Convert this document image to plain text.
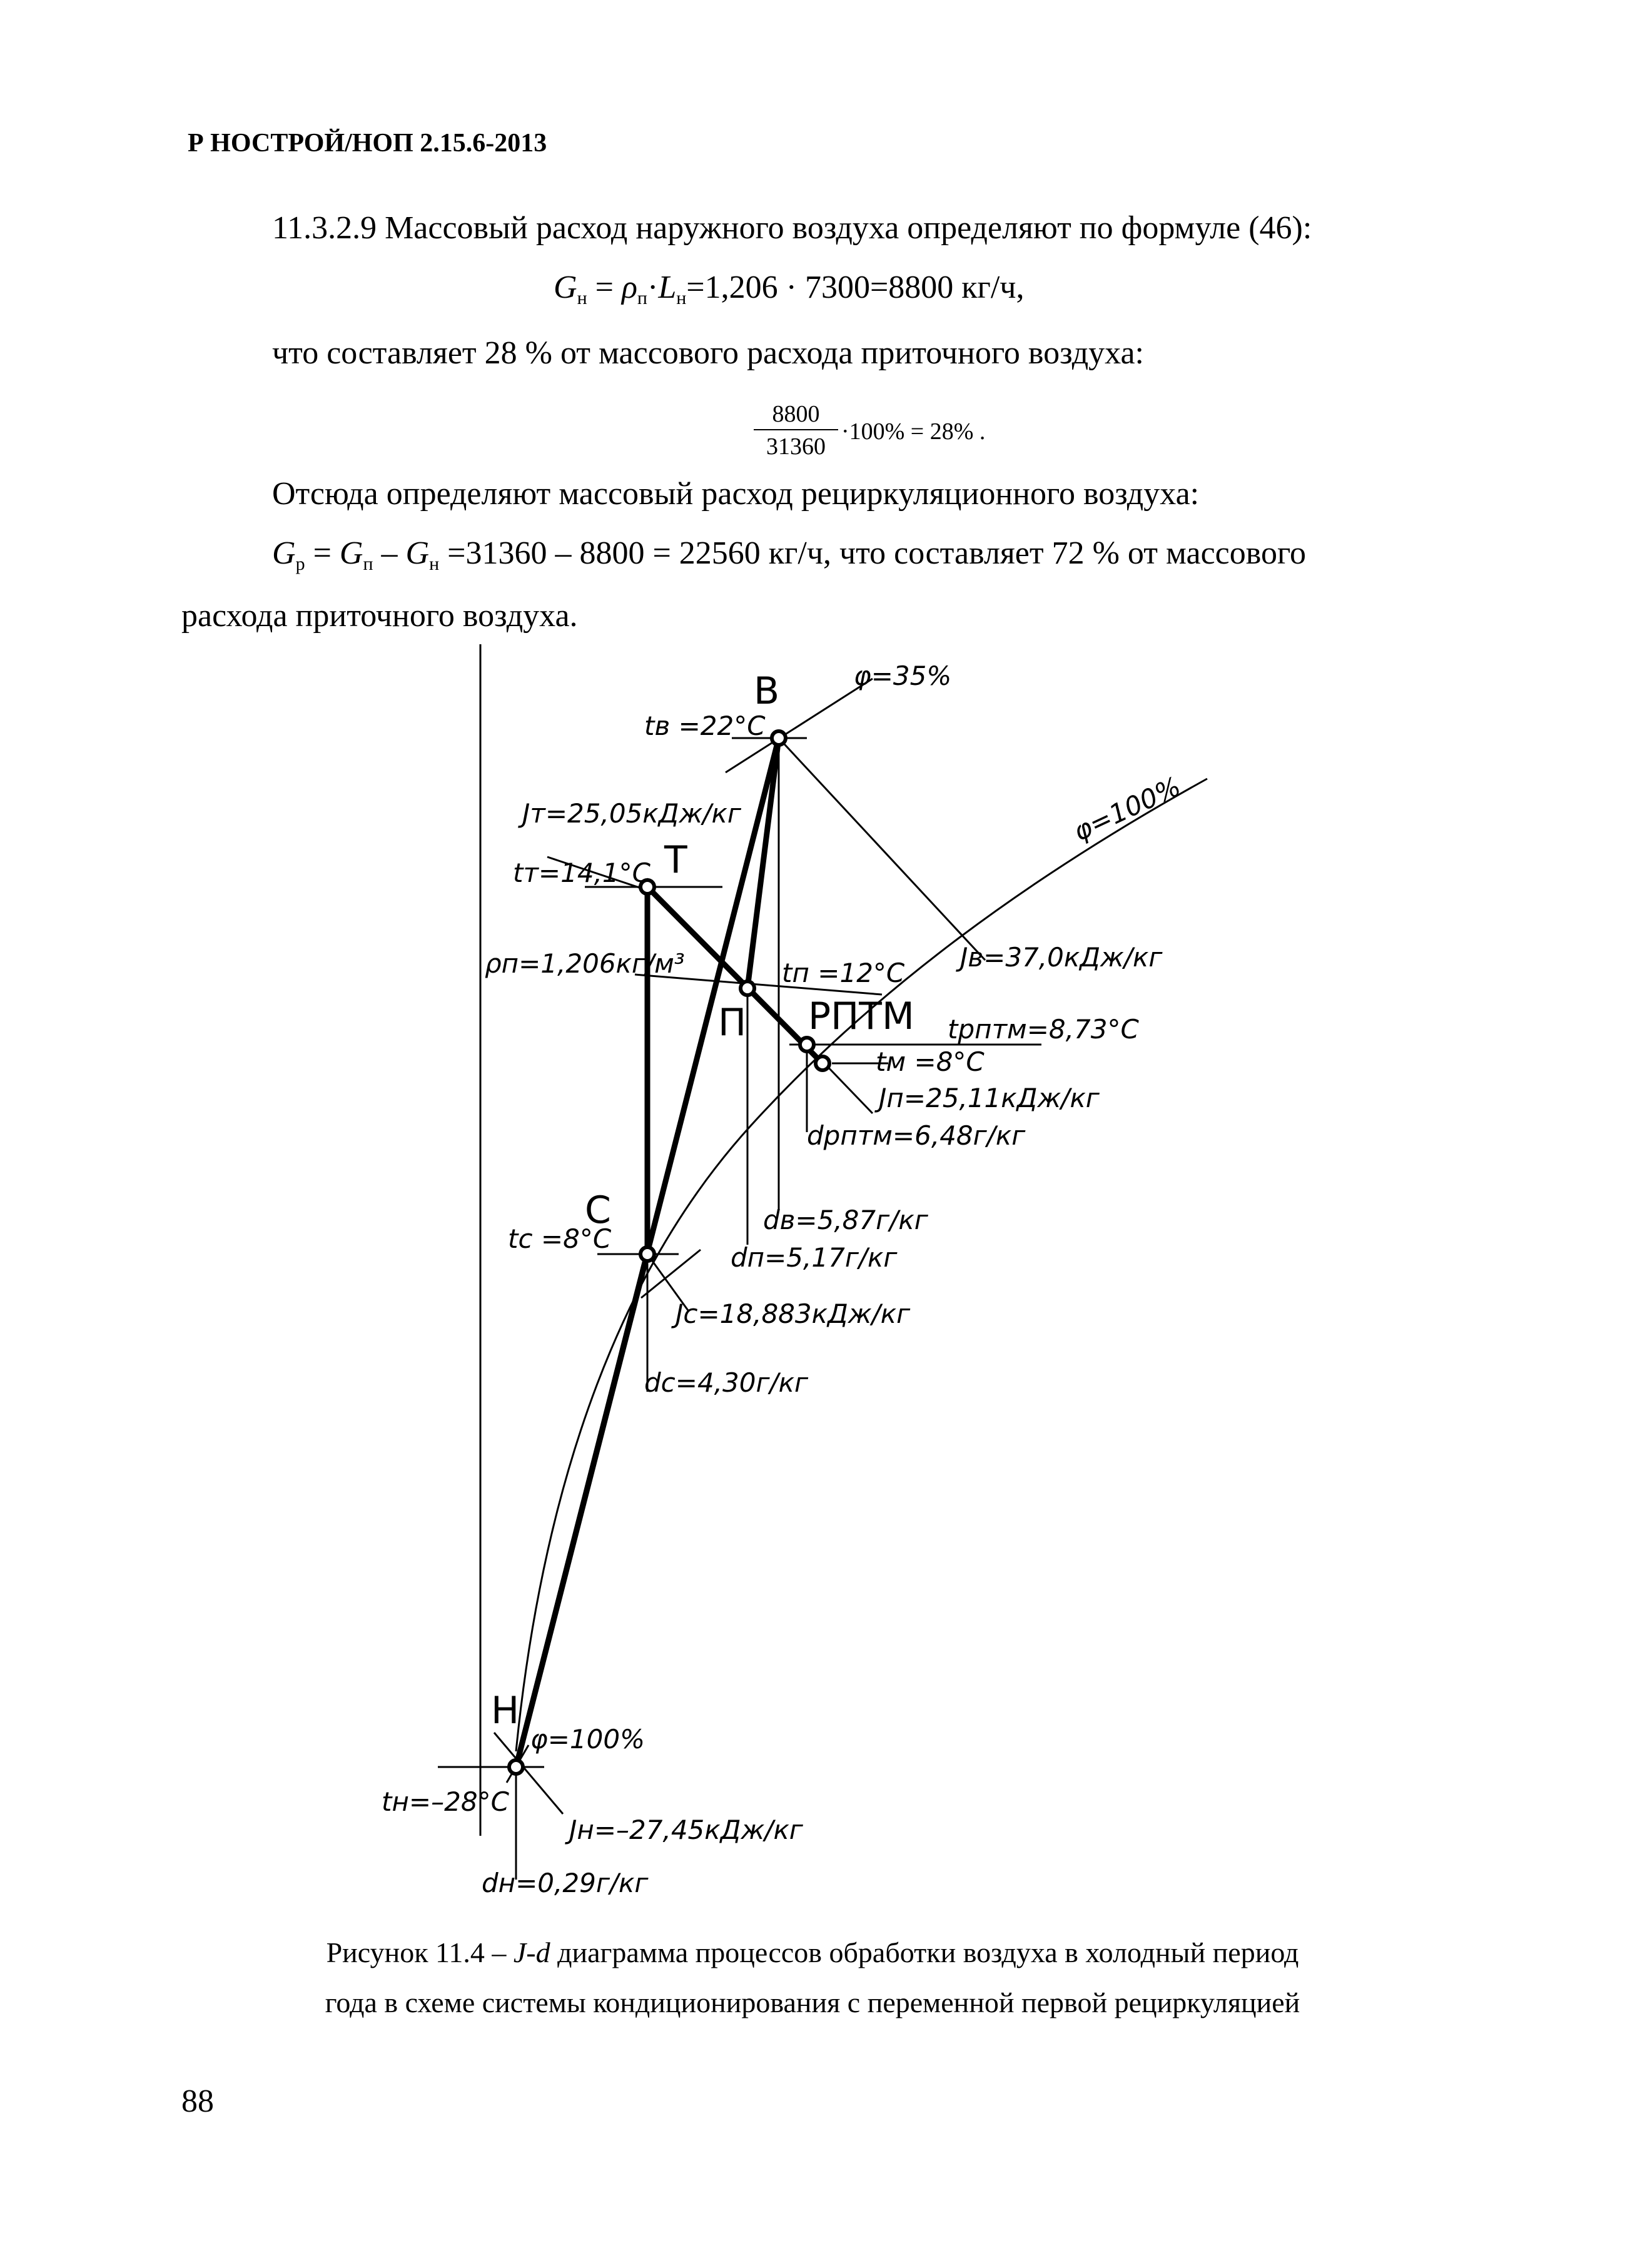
Р НОСТРОЙ/НОП 2.15.6-2013
11.3.2.9 Массовый расход наружного воздуха определяют по формуле (46):
$G_н = \rho_п\cdot L_н=1,206 \cdot 7300=8800$ кг/ч,
что составляет 28 % от массового расхода приточного воздуха:
$\frac{8800}{31360} \cdot 100\% = 28\%$ .
Отсюда определяют массовый расход рециркуляционного воздуха:
$G_р = G_п - G_н =31360 - 8800 = 22560$ кг/ч, что составляет 72 % от массового
расхода приточного воздуха.
В
Т
П РПТМ
С
Н
φ=35%
φ=100%
tв =22°С
Jт=25,05кДж/кг
tт=14,1°С
ρп=1,206кг/м³	tп =12°С
Jв=37,0кДж/кг
tрптм=8,73°С
tм =8°С
Jп=25,11кДж/кг
dрптм=6,48г/кг
dв=5,87г/кг
dп=5,17г/кг
tс =8°С
Jс=18,883кДж/кг
dс=4,30г/кг
φ=100%
tн=–28°С
Jн=–27,45кДж/кг
dн=0,29г/кг
Рисунок 11.4 – J-d диаграмма процессов обработки воздуха в холодный период
года в схеме системы кондиционирования с переменной первой рециркуляцией
88
